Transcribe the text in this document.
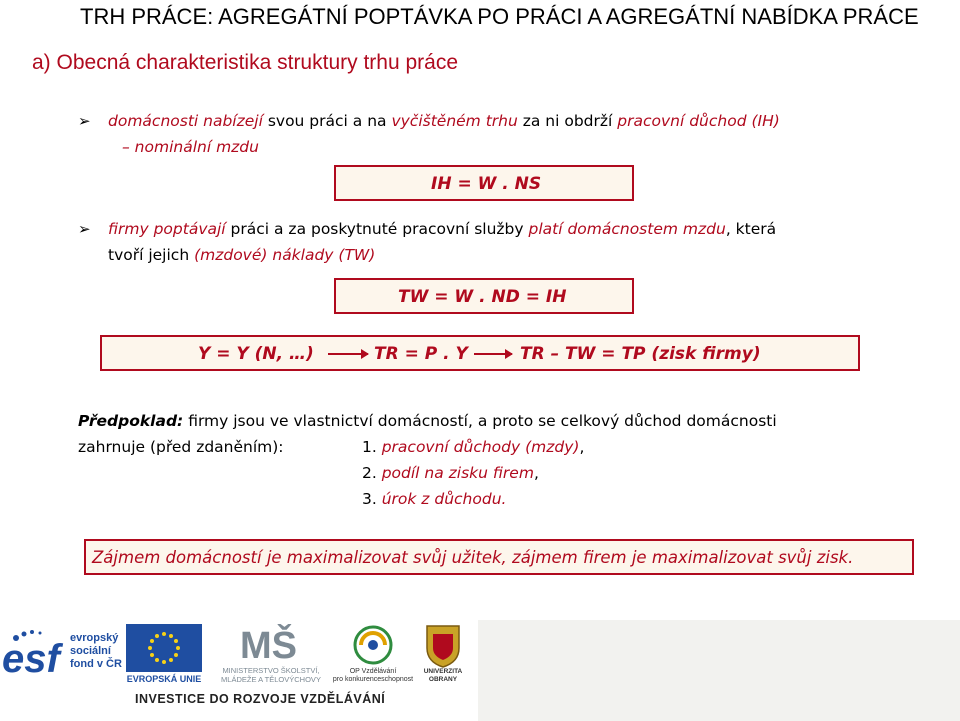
TRH PRÁCE: AGREGÁTNÍ POPTÁVKA PO PRÁCI A AGREGÁTNÍ NABÍDKA PRÁCE
a) Obecná charakteristika struktury trhu práce
➢ domácnosti nabízejí svou práci a na vyčištěném trhu za ni obdrží pracovní důchod (IH)
– nominální mzdu
IH = W . NS
➢ firmy poptávají práci a za poskytnuté pracovní služby platí domácnostem mzdu, která
tvoří jejich (mzdové) náklady (TW)
TW = W . ND = IH
Y = Y (N, …)	TR = P . Y	TR – TW = TP (zisk firmy)
Předpoklad: firmy jsou ve vlastnictví domácností, a proto se celkový důchod domácnosti
zahrnuje (před zdaněním):	1. pracovní důchody (mzdy),
2. podíl na zisku firem,
3. úrok z důchodu.
Zájmem domácností je maximalizovat svůj užitek, zájmem firem je maximalizovat svůj zisk.
esf evropský
sociální
fond v ČR
EVROPSKÁ UNIE
MŠ
MINISTERSTVO ŠKOLSTVÍ,
MLÁDEŽE A TĚLOVÝCHOVY
OP Vzdělávání
pro konkurenceschopnost
UNIVERZITA
OBRANY
INVESTICE DO ROZVOJE VZDĚLÁVÁNÍ
